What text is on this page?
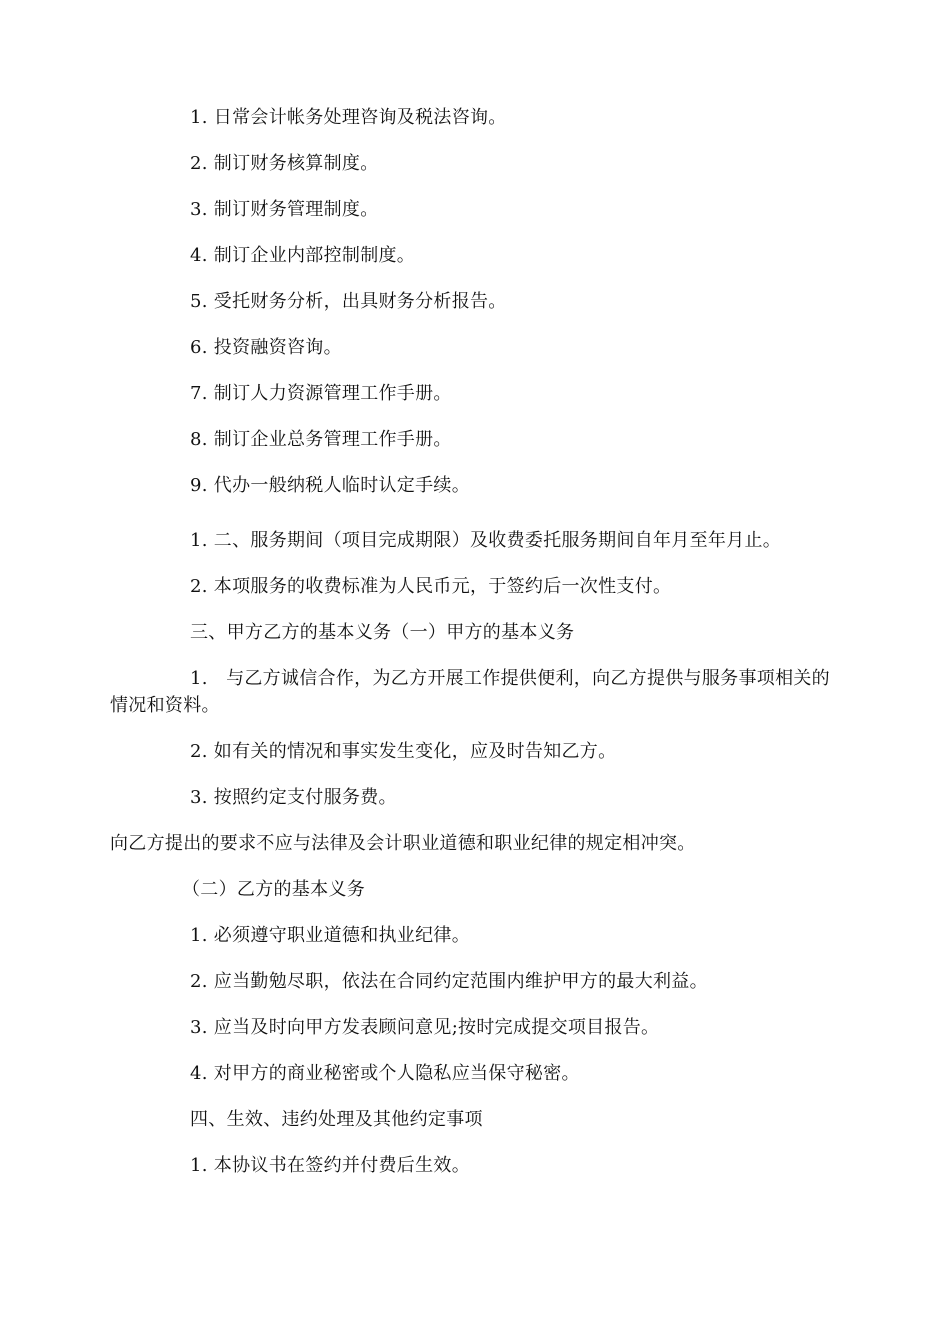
1. 日常会计帐务处理咨询及税法咨询。

2. 制订财务核算制度。

3. 制订财务管理制度。

4. 制订企业内部控制制度。

5. 受托财务分析，出具财务分析报告。

6. 投资融资咨询。

7. 制订人力资源管理工作手册。

8. 制订企业总务管理工作手册。

9. 代办一般纳税人临时认定手续。

1. 二、服务期间（项目完成期限）及收费委托服务期间自年月至年月止。

2. 本项服务的收费标准为人民币元，于签约后一次性支付。

三、甲方乙方的基本义务（一）甲方的基本义务

1.　与乙方诚信合作，为乙方开展工作提供便利，向乙方提供与服务事项相关的情况和资料。

2. 如有关的情况和事实发生变化，应及时告知乙方。

3. 按照约定支付服务费。

向乙方提出的要求不应与法律及会计职业道德和职业纪律的规定相冲突。

（二）乙方的基本义务

1. 必须遵守职业道德和执业纪律。

2. 应当勤勉尽职，依法在合同约定范围内维护甲方的最大利益。

3. 应当及时向甲方发表顾问意见;按时完成提交项目报告。

4. 对甲方的商业秘密或个人隐私应当保守秘密。

四、生效、违约处理及其他约定事项

1. 本协议书在签约并付费后生效。
